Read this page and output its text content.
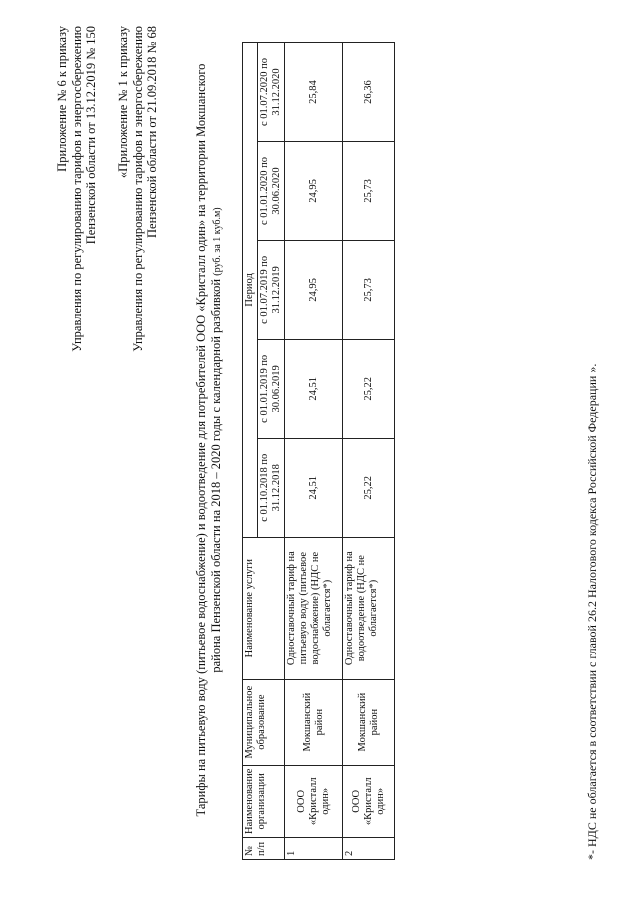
Приложение № 6 к приказу Управления по регулированию тарифов и энергосбережению Пензенской области от 13.12.2019 № 150 «Приложение № 1 к приказу Управления по регулированию тарифов и энергосбережению Пензенской области от 21.09.2018 № 68	Тарифы на питьевую воду (питьевое водоснабжение) и водоотведение для потребителей ООО «Кристалл один» на территории Мокшанского района Пензенской области на 2018 – 2020 годы с календарной разбивкой (руб. за 1 куб.м)
№ п/п	Наименование организации	Муниципальное образование	Наименование услуги	Период				
				с 01.10.2018 по 31.12.2018	с 01.01.2019 по 30.06.2019	с 01.07.2019 по 31.12.2019	с 01.01.2020 по 30.06.2020	с 01.07.2020 по 31.12.2020
1	ООО «Кристалл один»	Мокшанский район	Одноставочный тариф на питьевую воду (питьевое водоснабжение) (НДС не облагается*)	24,51	24,51	24,95	24,95	25,84
2	ООО «Кристалл один»	Мокшанский район	Одноставочный тариф на водоотведение (НДС не облагается*)	25,22	25,22	25,73	25,73	26,36
*- НДС не облагается в соответствии с главой 26.2 Налогового кодекса Российской Федерации ».
